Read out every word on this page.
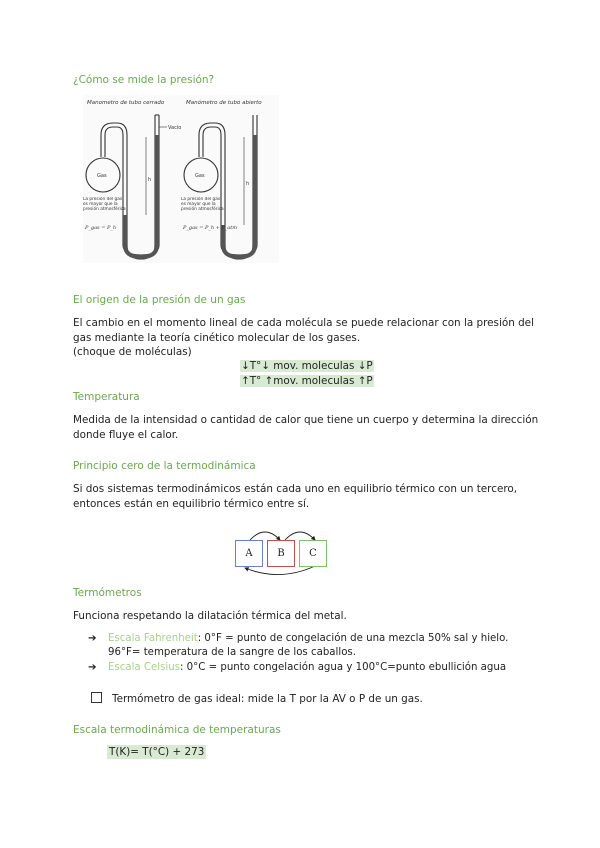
¿Cómo se mide la presión?
Manometro de tubo cerrado	Manómetro de tubo abierto
Vacío
h
Gas
La presión del gas es mayor que la presión atmosférica
P_gas = P_h
h
Gas
La presión del gas es mayor que la presión atmosférica
P_gas = P_h + P_atm
El origen de la presión de un gas
El cambio en el momento lineal de cada molécula se puede relacionar con la presión del
gas mediante la teoría cinético molecular de los gases.
(choque de moléculas)
↓T°↓ mov. moleculas ↓P
↑T° ↑mov. moleculas ↑P
Temperatura
Medida de la intensidad o cantidad de calor que tiene un cuerpo y determina la dirección
donde fluye el calor.
Principio cero de la termodinámica
Si dos sistemas termodinámicos están cada uno en equilibrio térmico con un tercero,
entonces están en equilibrio térmico entre sí.
A	B	C
Termómetros
Funciona respetando la dilatación térmica del metal.
➔ Escala Fahrenheit: 0°F = punto de congelación de una mezcla 50% sal y hielo.
96°F= temperatura de la sangre de los caballos.
➔ Escala Celsius: 0°C = punto congelación agua y 100°C=punto ebullición agua
Termómetro de gas ideal: mide la T por la AV o P de un gas.
Escala termodinámica de temperaturas
T(K)= T(°C) + 273
